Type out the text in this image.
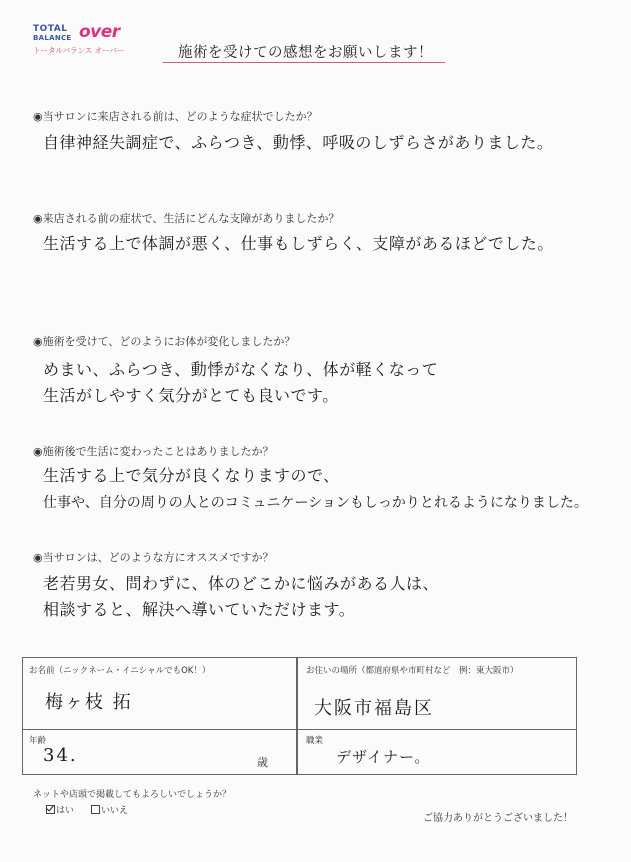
TOTAL
BALANCE over
トータルバランス オーバー	施術を受けての感想をお願いします！
◉当サロンに来店される前は、どのような症状でしたか？
自律神経失調症で、ふらつき、動悸、呼吸のしずらさがありました。
◉来店される前の症状で、生活にどんな支障がありましたか？
生活する上で体調が悪く、仕事もしずらく、支障があるほどでした。
◉施術を受けて、どのようにお体が変化しましたか？
めまい、ふらつき、動悸がなくなり、体が軽くなって
生活がしやすく気分がとても良いです。
◉施術後で生活に変わったことはありましたか？
生活する上で気分が良くなりますので、
仕事や、自分の周りの人とのコミュニケーションもしっかりとれるようになりました。
◉当サロンは、どのような方にオススメですか？
老若男女、問わずに、体のどこかに悩みがある人は、
相談すると、解決へ導いていただけます。
お名前（ニックネーム・イニシャルでもOK！）
梅ヶ枝 拓
お住いの場所（都道府県や市町村など　例：東大阪市）
大阪市福島区
年齢
34.	歳
職業
デザイナー。
ネットや店頭で掲載してもよろしいでしょうか？
はい	いいえ
ご協力ありがとうございました！
